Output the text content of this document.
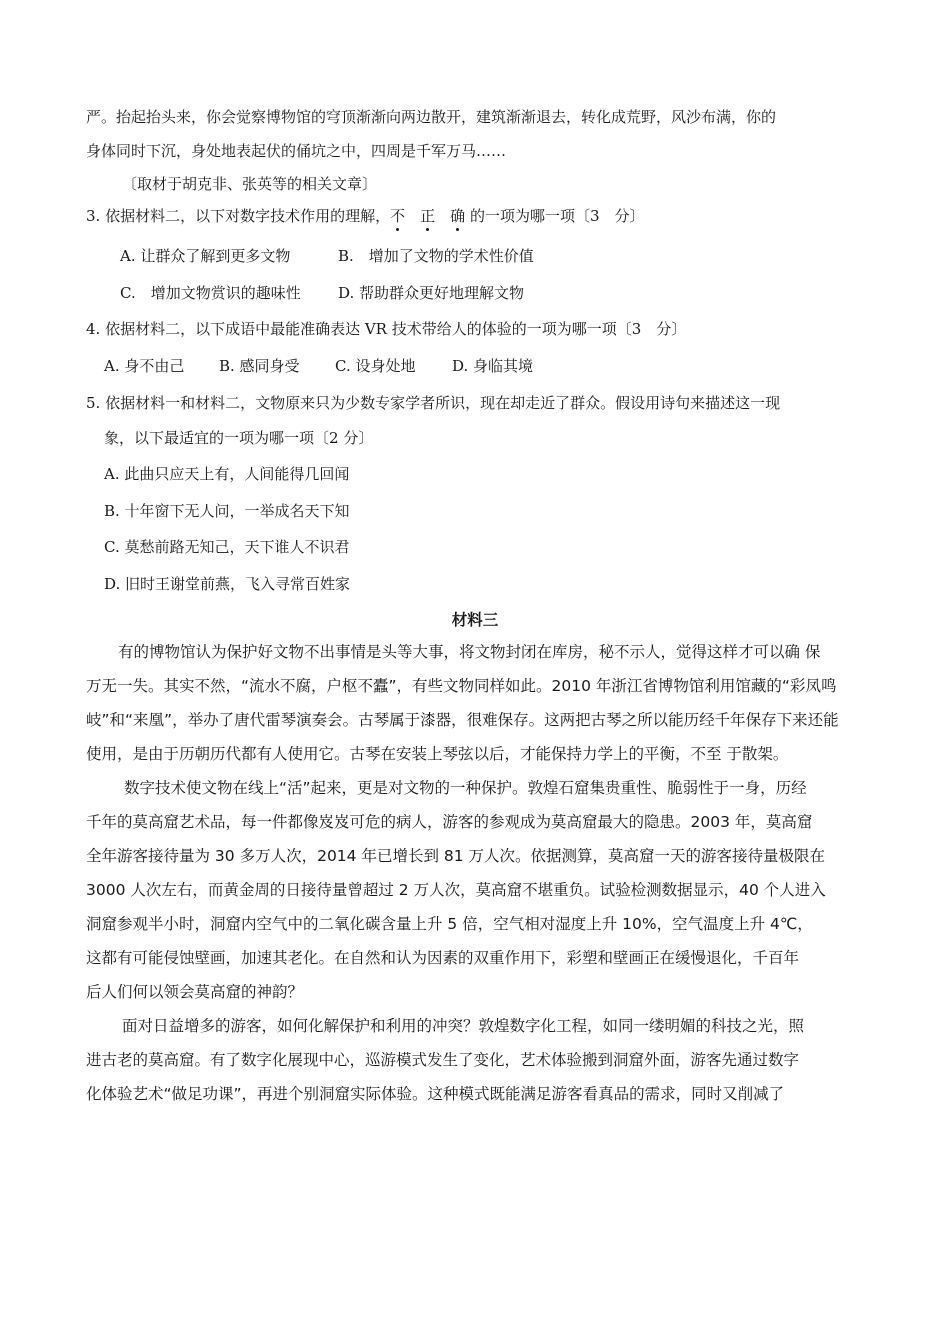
严。抬起抬头来，你会觉察博物馆的穹顶渐渐向两边散开，建筑渐渐退去，转化成荒野，风沙布满，你的
身体同时下沉，身处地表起伏的俑坑之中，四周是千军万马……
〔取材于胡克非、张英等的相关文章〕
3. 依据材料二，以下对数字技术作用的理解，不　 正　 确 的一项为哪一项〔3　分〕
A. 让群众了解到更多文物	B.　增加了文物的学术性价值
C.　增加文物赏识的趣味性 D. 帮助群众更好地理解文物
4. 依据材料二，以下成语中最能准确表达 VR 技术带给人的体验的一项为哪一项〔3　分〕
A. 身不由己 B. 感同身受 C. 设身处地 D. 身临其境
5. 依据材料一和材料二，文物原来只为少数专家学者所识，现在却走近了群众。假设用诗句来描述这一现
象，以下最适宜的一项为哪一项〔2 分〕
A. 此曲只应天上有，人间能得几回闻
B. 十年窗下无人问，一举成名天下知
C. 莫愁前路无知己，天下谁人不识君
D. 旧时王谢堂前燕，飞入寻常百姓家
材料三
有的博物馆认为保护好文物不出事情是头等大事，将文物封闭在库房，秘不示人，觉得这样才可以确 保
万无一失。其实不然，“流水不腐，户枢不蠹”，有些文物同样如此。2010 年浙江省博物馆利用馆藏的“彩凤鸣
岐”和“来凰”，举办了唐代雷琴演奏会。古琴属于漆器，很难保存。这两把古琴之所以能历经千年保存下来还能
使用，是由于历朝历代都有人使用它。古琴在安装上琴弦以后，才能保持力学上的平衡，不至 于散架。
数字技术使文物在线上“活”起来，更是对文物的一种保护。敦煌石窟集贵重性、脆弱性于一身，历经
千年的莫高窟艺术品，每一件都像岌岌可危的病人，游客的参观成为莫高窟最大的隐患。2003 年，莫高窟
全年游客接待量为 30 多万人次，2014 年已增长到 81 万人次。依据测算，莫高窟一天的游客接待量极限在
3000 人次左右，而黄金周的日接待量曾超过 2 万人次，莫高窟不堪重负。试验检测数据显示，40 个人进入
洞窟参观半小时，洞窟内空气中的二氧化碳含量上升 5 倍，空气相对湿度上升 10%，空气温度上升 4℃，
这都有可能侵蚀壁画，加速其老化。在自然和认为因素的双重作用下，彩塑和壁画正在缓慢退化，千百年
后人们何以领会莫高窟的神韵？
面对日益增多的游客，如何化解保护和利用的冲突？敦煌数字化工程，如同一缕明媚的科技之光，照
进古老的莫高窟。有了数字化展现中心，巡游模式发生了变化，艺术体验搬到洞窟外面，游客先通过数字
化体验艺术“做足功课”，再进个别洞窟实际体验。这种模式既能满足游客看真品的需求，同时又削减了
